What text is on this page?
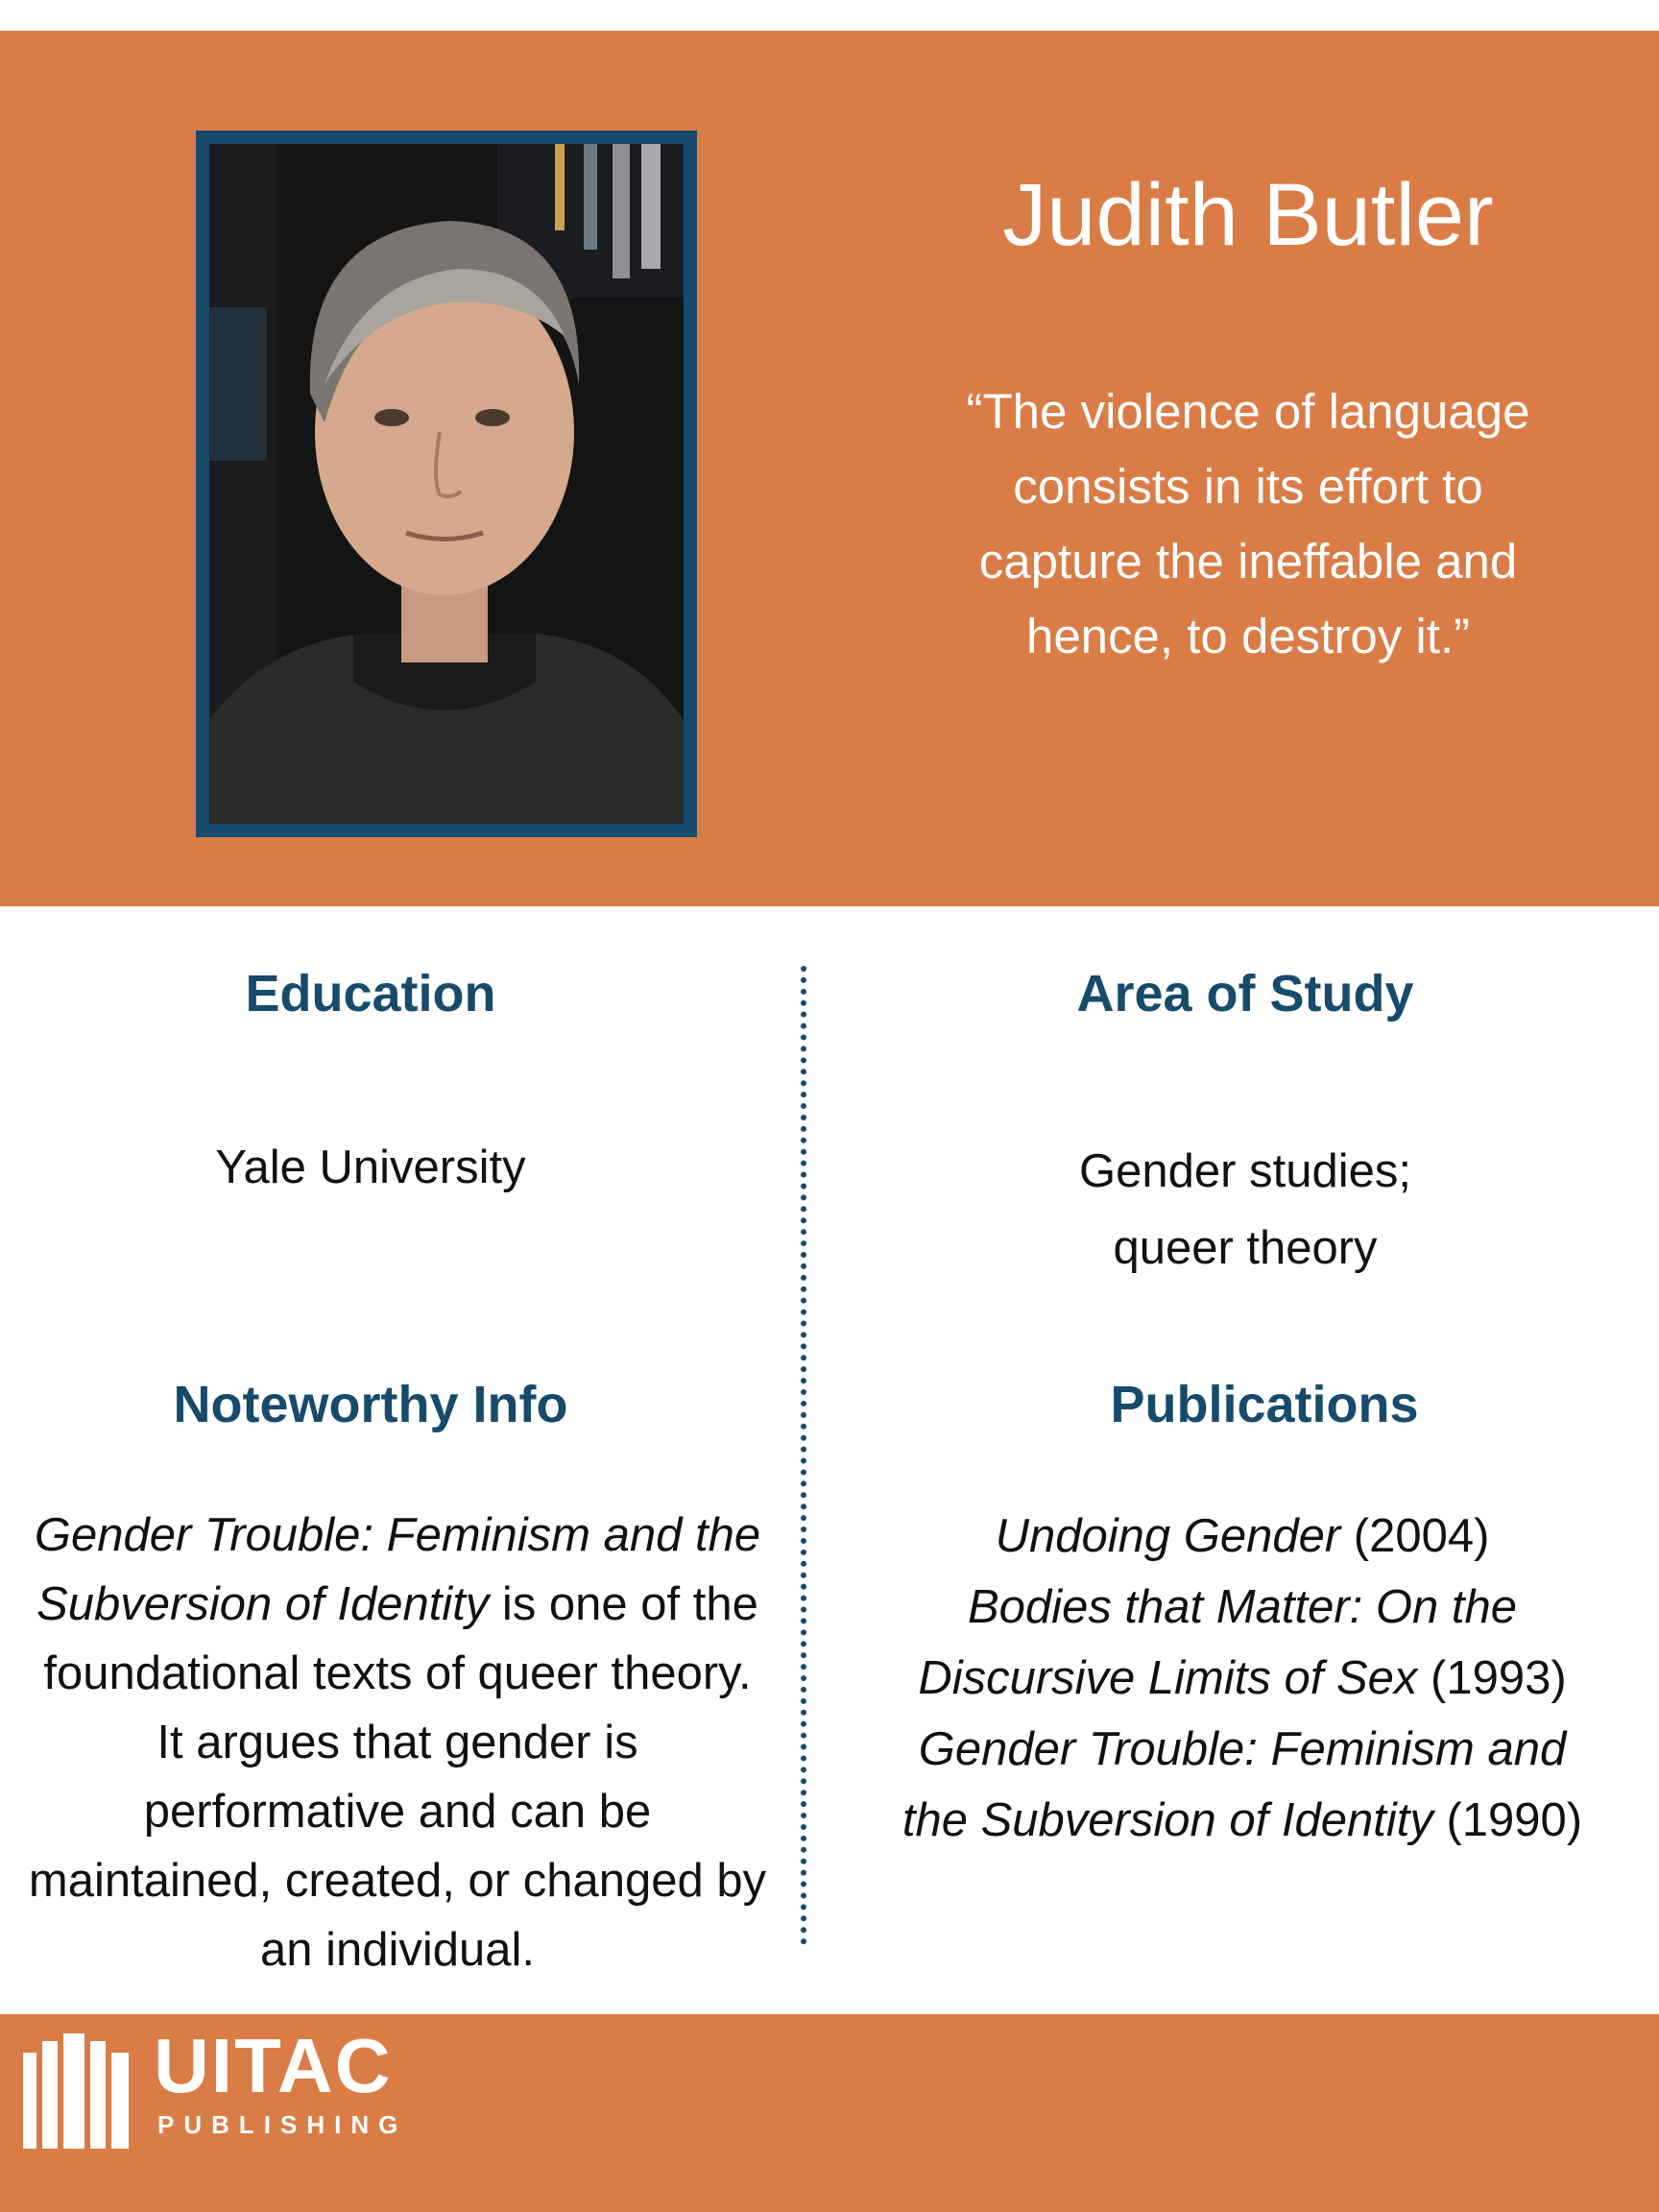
Judith Butler
“The violence of language
consists in its effort to
capture the ineffable and
hence, to destroy it.”
Education
Yale University
Area of Study
Gender studies;
queer theory
Noteworthy Info
Gender Trouble: Feminism and the
Subversion of Identity is one of the
foundational texts of queer theory.
It argues that gender is
performative and can be
maintained, created, or changed by
an individual.
Publications
Undoing Gender (2004)
Bodies that Matter: On the
Discursive Limits of Sex (1993)
Gender Trouble: Feminism and
the Subversion of Identity (1990)
UITAC
PUBLISHING
